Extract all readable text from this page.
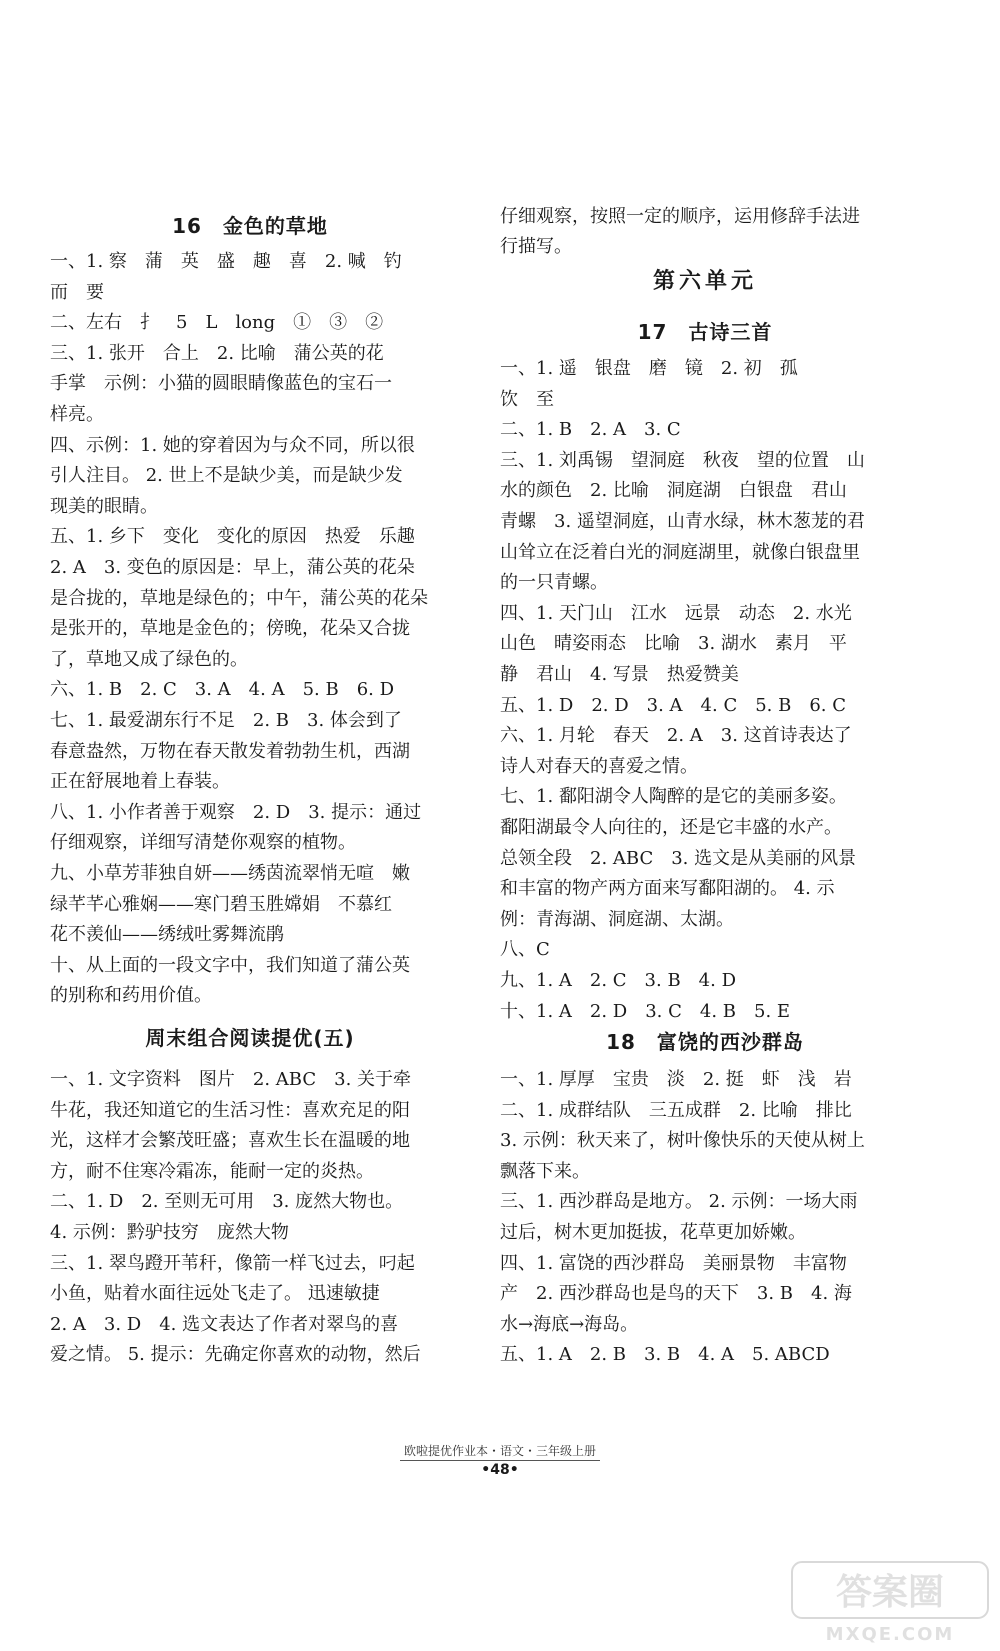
16　金色的草地
一、1. 察　蒲　英　盛　趣　喜　2. 喊　钓
而　要
二、左右　扌　5　L　long　①　③　②
三、1. 张开　合上　2. 比喻　蒲公英的花
手掌　示例：小猫的圆眼睛像蓝色的宝石一
样亮。
四、示例：1. 她的穿着因为与众不同，所以很
引人注目。 2. 世上不是缺少美，而是缺少发
现美的眼睛。
五、1. 乡下　变化　变化的原因　热爱　乐趣
2. A　3. 变色的原因是：早上，蒲公英的花朵
是合拢的，草地是绿色的；中午，蒲公英的花朵
是张开的，草地是金色的；傍晚，花朵又合拢
了，草地又成了绿色的。
六、1. B　2. C　3. A　4. A　5. B　6. D
七、1. 最爱湖东行不足　2. B　3. 体会到了
春意盎然，万物在春天散发着勃勃生机，西湖
正在舒展地着上春装。
八、1. 小作者善于观察　2. D　3. 提示：通过
仔细观察，详细写清楚你观察的植物。
九、小草芳菲独自妍——绣茵流翠悄无喧　嫩
绿芊芊心雅娴——寒门碧玉胜嫦娟　不慕红
花不羡仙——绣绒吐雾舞流鹃
十、从上面的一段文字中，我们知道了蒲公英
的别称和药用价值。
周末组合阅读提优(五)
一、1. 文字资料　图片　2. ABC　3. 关于牵
牛花，我还知道它的生活习性：喜欢充足的阳
光，这样才会繁茂旺盛；喜欢生长在温暖的地
方，耐不住寒冷霜冻，能耐一定的炎热。
二、1. D　2. 至则无可用　3. 庞然大物也。
4. 示例：黔驴技穷　庞然大物
三、1. 翠鸟蹬开苇秆，像箭一样飞过去，叼起
小鱼，贴着水面往远处飞走了。 迅速敏捷
2. A　3. D　4. 选文表达了作者对翠鸟的喜
爱之情。 5. 提示：先确定你喜欢的动物，然后
仔细观察，按照一定的顺序，运用修辞手法进
行描写。
第六单元
17　古诗三首
一、1. 遥　银盘　磨　镜　2. 初　孤
饮　至
二、1. B　2. A　3. C
三、1. 刘禹锡　望洞庭　秋夜　望的位置　山
水的颜色　2. 比喻　洞庭湖　白银盘　君山
青螺　3. 遥望洞庭，山青水绿，林木葱茏的君
山耸立在泛着白光的洞庭湖里，就像白银盘里
的一只青螺。
四、1. 天门山　江水　远景　动态　2. 水光
山色　晴姿雨态　比喻　3. 湖水　素月　平
静　君山　4. 写景　热爱赞美
五、1. D　2. D　3. A　4. C　5. B　6. C
六、1. 月轮　春天　2. A　3. 这首诗表达了
诗人对春天的喜爱之情。
七、1. 鄱阳湖令人陶醉的是它的美丽多姿。
鄱阳湖最令人向往的，还是它丰盛的水产。
总领全段　2. ABC　3. 选文是从美丽的风景
和丰富的物产两方面来写鄱阳湖的。 4. 示
例：青海湖、洞庭湖、太湖。
八、C
九、1. A　2. C　3. B　4. D
十、1. A　2. D　3. C　4. B　5. E
18　富饶的西沙群岛
一、1. 厚厚　宝贵　淡　2. 挺　虾　浅　岩
二、1. 成群结队　三五成群　2. 比喻　排比
3. 示例：秋天来了，树叶像快乐的天使从树上
飘落下来。
三、1. 西沙群岛是地方。 2. 示例：一场大雨
过后，树木更加挺拔，花草更加娇嫩。
四、1. 富饶的西沙群岛　美丽景物　丰富物
产　2. 西沙群岛也是鸟的天下　3. B　4. 海
水→海底→海岛。
五、1. A　2. B　3. B　4. A　5. ABCD
欧啦提优作业本・语文・三年级上册
•48•
答案圈
MXQE.COM
